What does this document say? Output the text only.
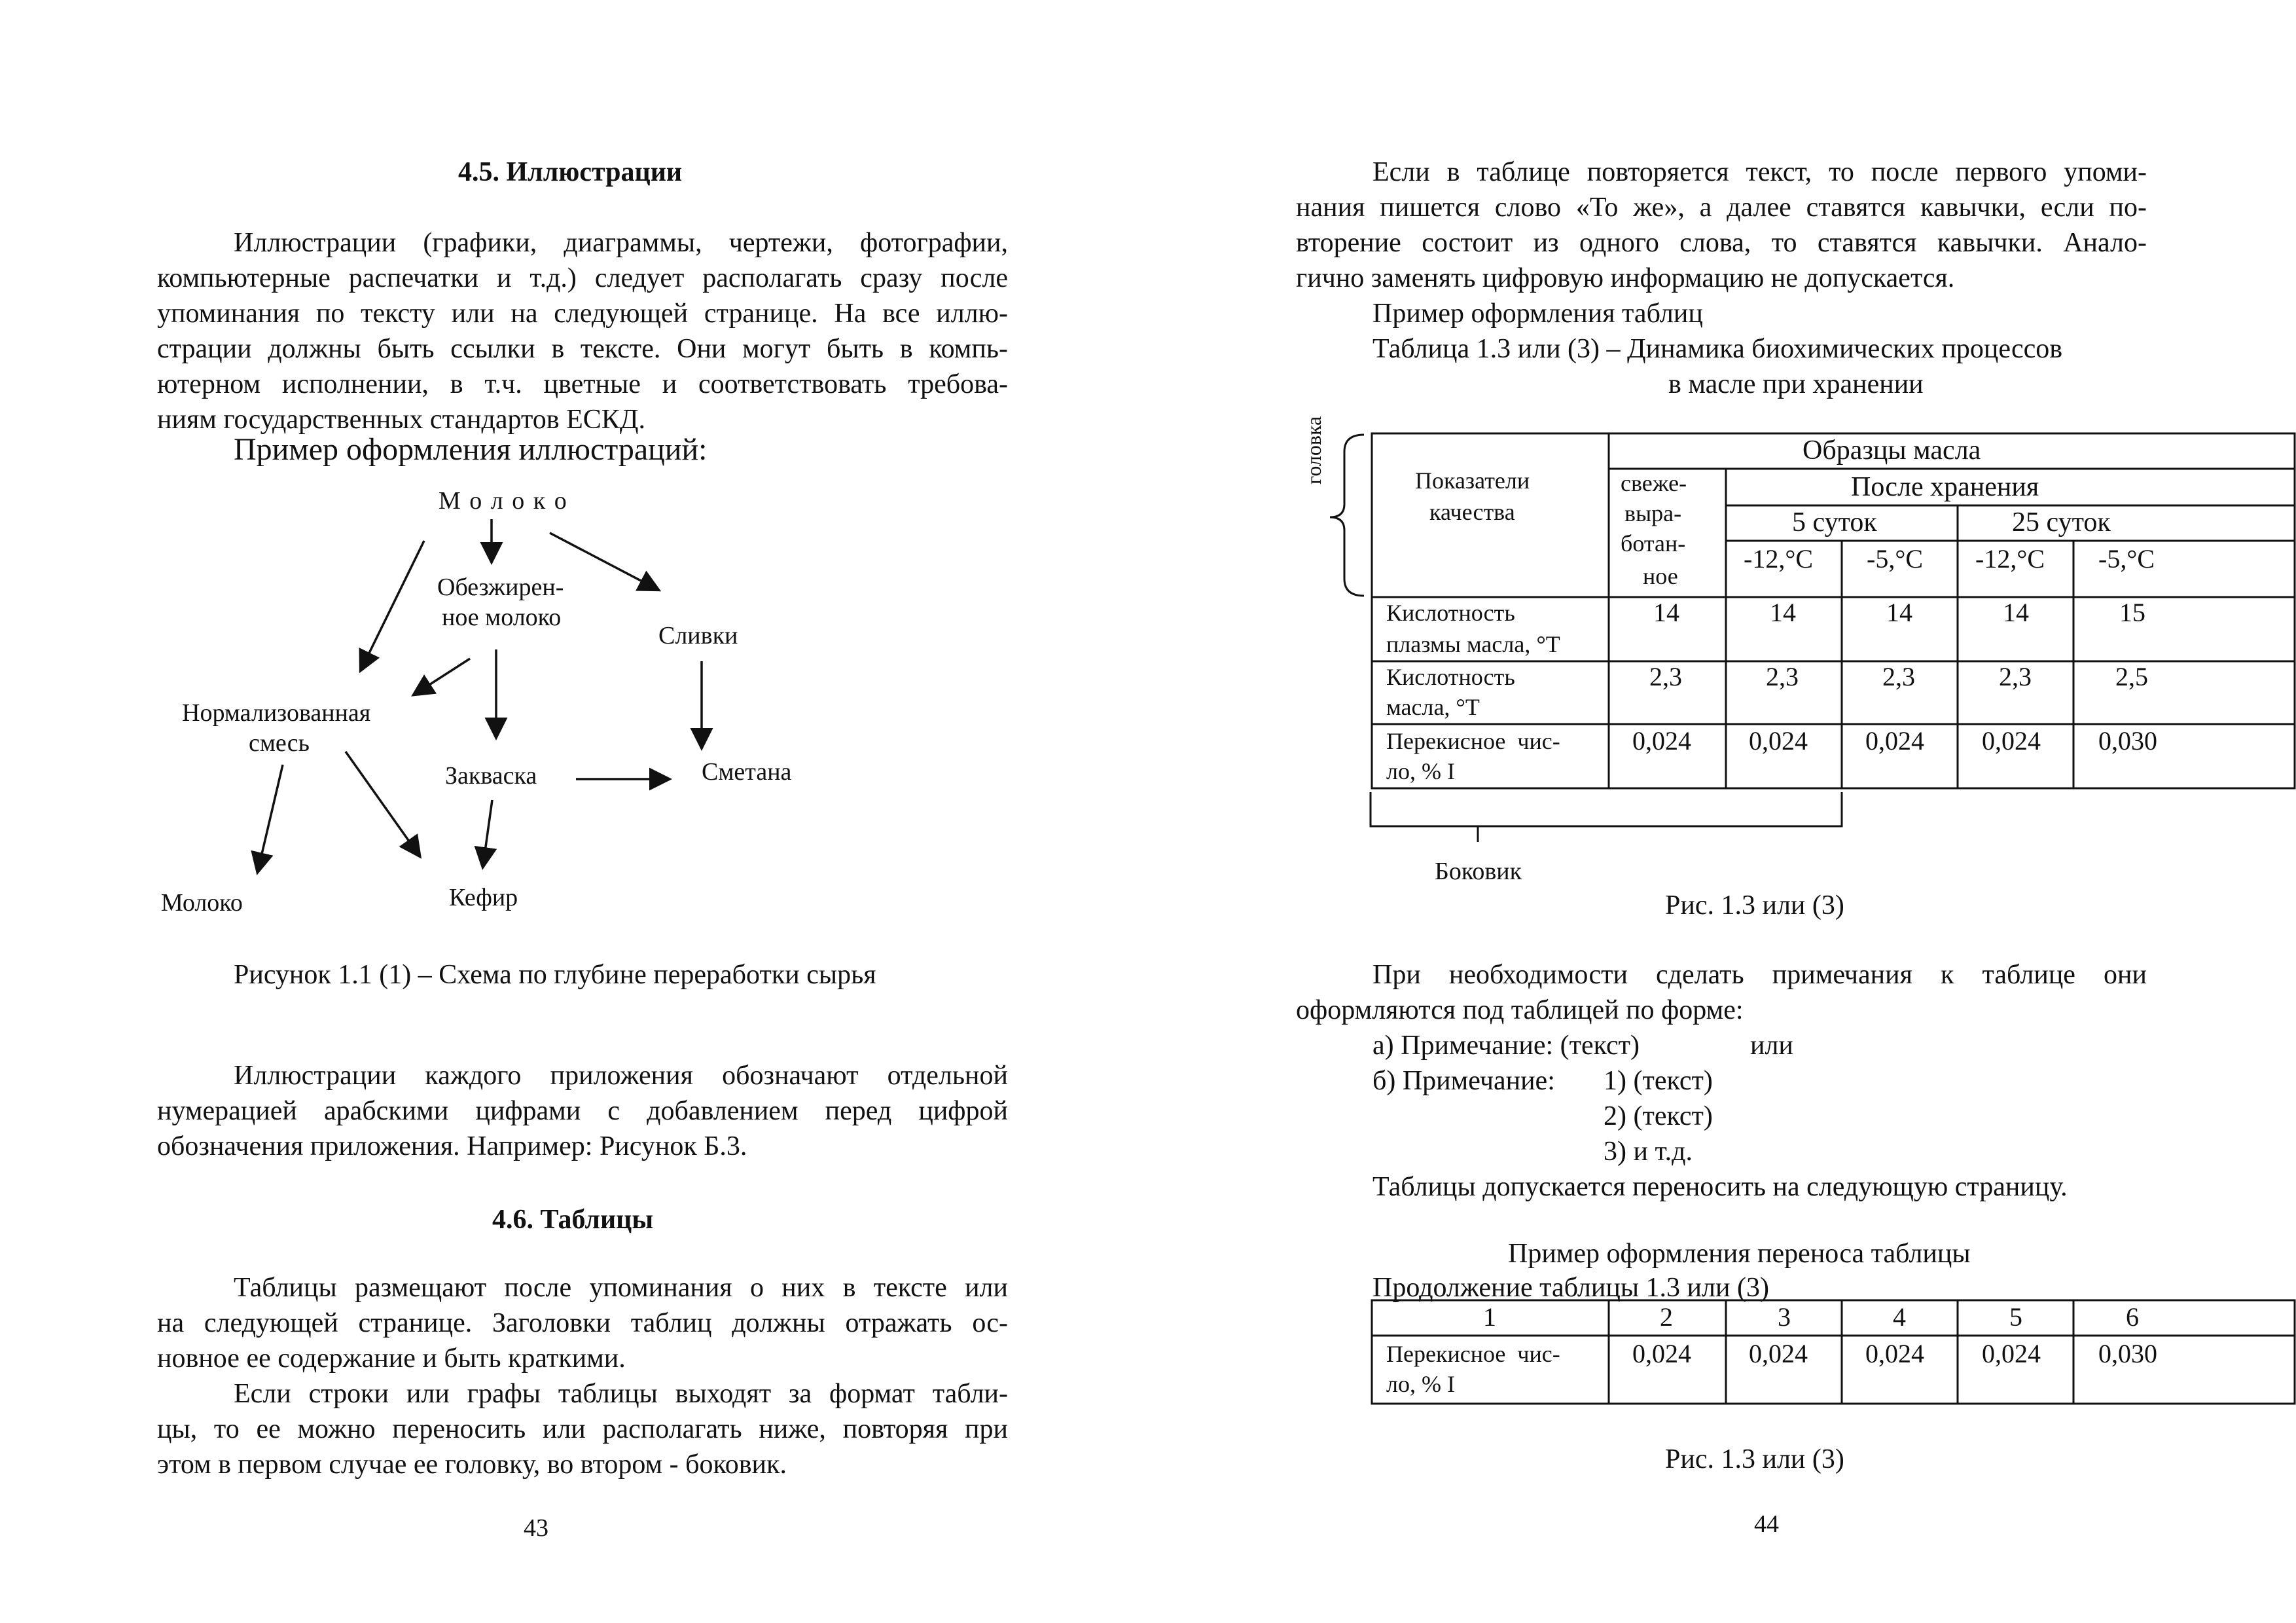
4.5. Иллюстрации
Иллюстрации (графики, диаграммы, чертежи, фотографии,
компьютерные распечатки и т.д.) следует располагать сразу после
упоминания по тексту или на следующей странице. На все иллю-
страции должны быть ссылки в тексте. Они могут быть в компь-
ютерном исполнении, в т.ч. цветные и соответствовать требова-
ниям государственных стандартов ЕСКД.
Пример оформления иллюстраций:
М о л о к о
Обезжирен-
ное молоко
Сливки
Нормализованная
смесь
Закваска	Сметана
Молоко	Кефир
Рисунок 1.1 (1) – Схема по глубине переработки сырья
Иллюстрации каждого приложения обозначают отдельной
нумерацией арабскими цифрами с добавлением перед цифрой
обозначения приложения. Например: Рисунок Б.3.
4.6. Таблицы
Таблицы размещают после упоминания о них в тексте или
на следующей странице. Заголовки таблиц должны отражать ос-
новное ее содержание и быть краткими.
Если строки или графы таблицы выходят за формат табли-
цы, то ее можно переносить или располагать ниже, повторяя при
этом в первом случае ее головку, во втором - боковик.
43
Если в таблице повторяется текст, то после первого упоми-
нания пишется слово «То же», а далее ставятся кавычки, если по-
вторение состоит из одного слова, то ставятся кавычки. Анало-
гично заменять цифровую информацию не допускается.
Пример оформления таблиц
Таблица 1.3 или (3) – Динамика биохимических процессов
в масле при хранении
головка	Показатели
качества
Образцы масла
свеже-
выра-
ботан-
ное
После хранения
5 суток	25 суток
-12,°С -5,°С -12,°С -5,°С
Кислотность
плазмы масла, °Т
14	14	14	14	15
Кислотность
масла, °Т
2,3	2,3	2,3	2,3	2,5
Перекисное  чис-
ло, % I
0,024 0,024 0,024 0,024 0,030
Боковик
Рис. 1.3 или (3)
При необходимости сделать примечания к таблице они
оформляются под таблицей по форме:
а) Примечание: (текст)	или
б) Примечание: 1) (текст)
2) (текст)
3) и т.д.
Таблицы допускается переносить на следующую страницу.
Пример оформления переноса таблицы
Продолжение таблицы 1.3 или (3)
1	2	3	4	5	6
Перекисное  чис-
ло, % I
0,024 0,024 0,024 0,024 0,030
Рис. 1.3 или (3)
44
